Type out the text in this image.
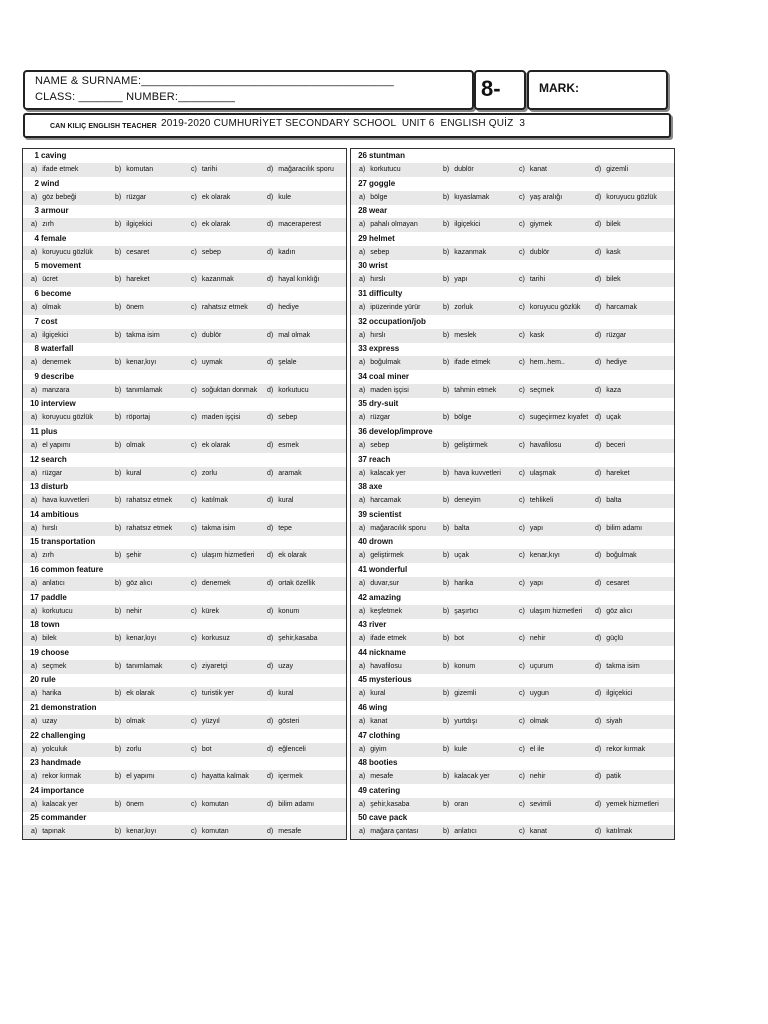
NAME & SURNAME:________________________________________
CLASS: _______ NUMBER:_________	8-	MARK:
CAN KILIÇ ENGLISH TEACHER 2019-2020 CUMHURİYET SECONDARY SCHOOL  UNIT 6  ENGLISH QUİZ  3
1 caving
a) ifade etmek	b) komutan	c) tarihi	d) mağaracılık sporu
2 wind
a) göz bebeği	b) rüzgar	c) ek olarak	d) kule
3 armour
a) zırh	b) ilgiçekici	c) ek olarak	d) maceraperest
4 female
a) koruyucu gözlük	b) cesaret	c) sebep	d) kadın
5 movement
a) ücret	b) hareket	c) kazanmak	d) hayal kırıklığı
6 become
a) olmak	b) önem	c) rahatsız etmek	d) hediye
7 cost
a) ilgiçekici	b) takma isim	c) dublör	d) mal olmak
8 waterfall
a) denemek	b) kenar,kıyı	c) uymak	d) şelale
9 describe
a) manzara	b) tanımlamak	c) soğuktan donmak	d) korkutucu
10 interview
a) koruyucu gözlük	b) röportaj	c) maden işçisi	d) sebep
11 plus
a) el yapımı	b) olmak	c) ek olarak	d) esmek
12 search
a) rüzgar	b) kural	c) zorlu	d) aramak
13 disturb
a) hava kuvvetleri	b) rahatsız etmek	c) katılmak	d) kural
14 ambitious
a) hırslı	b) rahatsız etmek	c) takma isim	d) tepe
15 transportation
a) zırh	b) şehir	c) ulaşım hizmetleri	d) ek olarak
16 common feature
a) anlatıcı	b) göz alıcı	c) denemek	d) ortak özellik
17 paddle
a) korkutucu	b) nehir	c) kürek	d) konum
18 town
a) bilek	b) kenar,kıyı	c) korkusuz	d) şehir,kasaba
19 choose
a) seçmek	b) tanımlamak	c) ziyaretçi	d) uzay
20 rule
a) harika	b) ek olarak	c) turistik yer	d) kural
21 demonstration
a) uzay	b) olmak	c) yüzyıl	d) gösteri
22 challenging
a) yolculuk	b) zorlu	c) bot	d) eğlenceli
23 handmade
a) rekor kırmak	b) el yapımı	c) hayatta kalmak	d) içermek
24 importance
a) kalacak yer	b) önem	c) komutan	d) bilim adamı
25 commander
a) tapınak	b) kenar,kıyı	c) komutan	d) mesafe
26 stuntman
a) korkutucu	b) dublör	c) kanat	d) gizemli
27 goggle
a) bölge	b) kıyaslamak	c) yaş aralığı	d) koruyucu gözlük
28 wear
a) pahalı olmayan	b) ilgiçekici	c) giymek	d) bilek
29 helmet
a) sebep	b) kazanmak	c) dublör	d) kask
30 wrist
a) hırslı	b) yapı	c) tarihi	d) bilek
31 difficulty
a) ipüzerinde yürür	b) zorluk	c) koruyucu gözlük	d) harcamak
32 occupation/job
a) hırslı	b) meslek	c) kask	d) rüzgar
33 express
a) boğulmak	b) ifade etmek	c) hem..hem..	d) hediye
34 coal miner
a) maden işçisi	b) tahmin etmek	c) seçmek	d) kaza
35 dry-suit
a) rüzgar	b) bölge	c) sugeçirmez kıyafet d) uçak
36 develop/improve
a) sebep	b) geliştirmek	c) havafilosu	d) beceri
37 reach
a) kalacak yer	b) hava kuvvetleri	c) ulaşmak	d) hareket
38 axe
a) harcamak	b) deneyim	c) tehlikeli	d) balta
39 scientist
a) mağaracılık sporu	b) balta	c) yapı	d) bilim adamı
40 drown
a) geliştirmek	b) uçak	c) kenar,kıyı	d) boğulmak
41 wonderful
a) duvar,sur	b) harika	c) yapı	d) cesaret
42 amazing
a) keşfetmek	b) şaşırtıcı	c) ulaşım hizmetleri	d) göz alıcı
43 river
a) ifade etmek	b) bot	c) nehir	d) güçlü
44 nickname
a) havafilosu	b) konum	c) uçurum	d) takma isim
45 mysterious
a) kural	b) gizemli	c) uygun	d) ilgiçekici
46 wing
a) kanat	b) yurtdışı	c) olmak	d) siyah
47 clothing
a) giyim	b) kule	c) el ile	d) rekor kırmak
48 booties
a) mesafe	b) kalacak yer	c) nehir	d) patik
49 catering
a) şehir,kasaba	b) oran	c) sevimli	d) yemek hizmetleri
50 cave pack
a) mağara çantası	b) anlatıcı	c) kanat	d) katılmak
